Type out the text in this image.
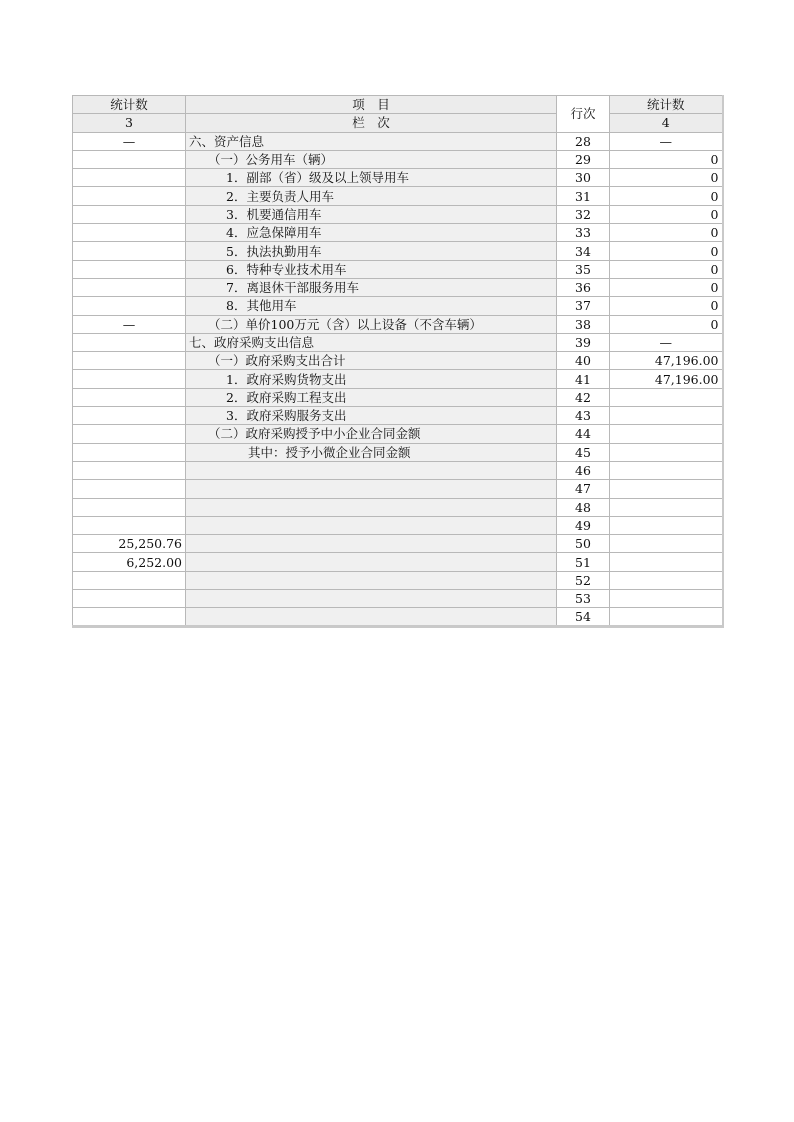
统计数	项　目	行次	统计数
3	栏　次		4
—	六、资产信息	28	—
	（一）公务用车（辆）	29	0
	1．副部（省）级及以上领导用车	30	0
	2．主要负责人用车	31	0
	3．机要通信用车	32	0
	4．应急保障用车	33	0
	5．执法执勤用车	34	0
	6．特种专业技术用车	35	0
	7．离退休干部服务用车	36	0
	8．其他用车	37	0
—	（二）单价100万元（含）以上设备（不含车辆）	38	0
	七、政府采购支出信息	39	—
	（一）政府采购支出合计	40	47,196.00
	1．政府采购货物支出	41	47,196.00
	2．政府采购工程支出	42	
	3．政府采购服务支出	43	
	（二）政府采购授予中小企业合同金额	44	
	其中：授予小微企业合同金额	45	
		46	
		47	
		48	
		49	
25,250.76		50	
6,252.00		51	
		52	
		53	
		54	
